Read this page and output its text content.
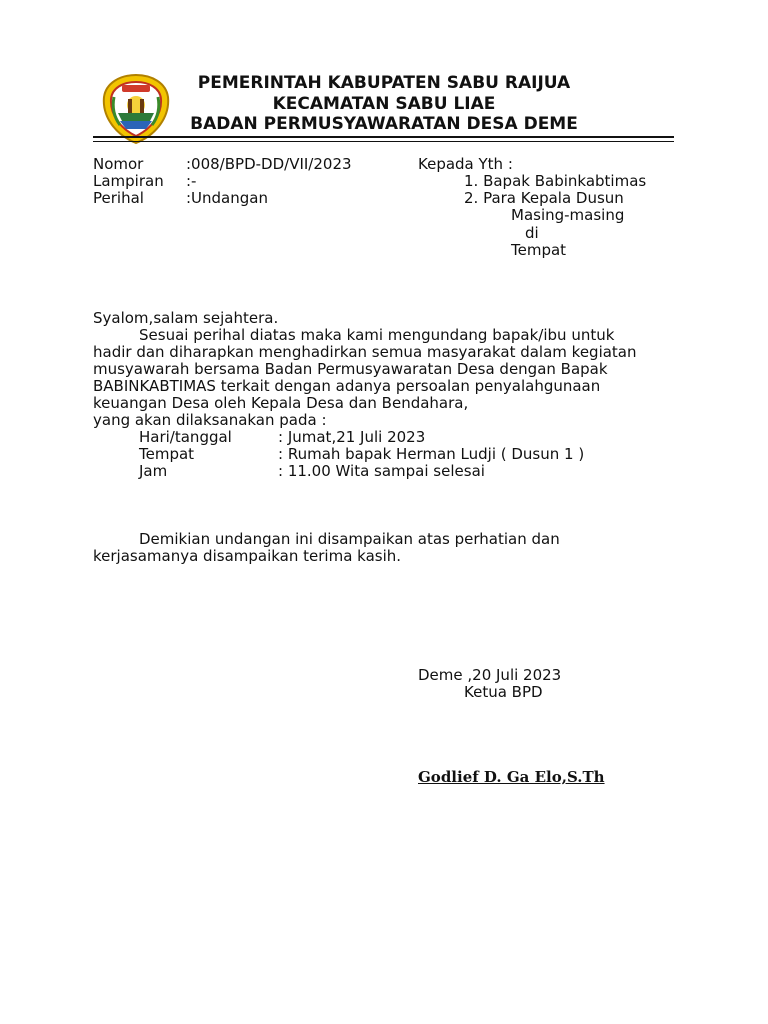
PEMERINTAH KABUPATEN SABU RAIJUA
KECAMATAN SABU LIAE
BADAN PERMUSYAWARATAN DESA DEME
Nomor	:008/BPD-DD/VII/2023
Lampiran :-
Perihal	:Undangan
Kepada Yth :
1. Bapak Babinkabtimas
2. Para Kepala Dusun
Masing-masing
di
Tempat
Syalom,salam sejahtera.
Sesuai perihal diatas maka kami mengundang bapak/ibu untuk
hadir dan diharapkan menghadirkan semua masyarakat dalam kegiatan
musyawarah bersama Badan Permusyawaratan Desa dengan Bapak
BABINKABTIMAS terkait dengan adanya persoalan penyalahgunaan
keuangan Desa oleh Kepala Desa dan Bendahara,
yang akan dilaksanakan pada :
Hari/tanggal	: Jumat,21 Juli 2023
Tempat	: Rumah bapak Herman Ludji ( Dusun 1 )
Jam	: 11.00 Wita sampai selesai
Demikian undangan ini disampaikan atas perhatian dan
kerjasamanya disampaikan terima kasih.
Deme ,20 Juli 2023
Ketua BPD
Godlief D. Ga Elo,S.Th
